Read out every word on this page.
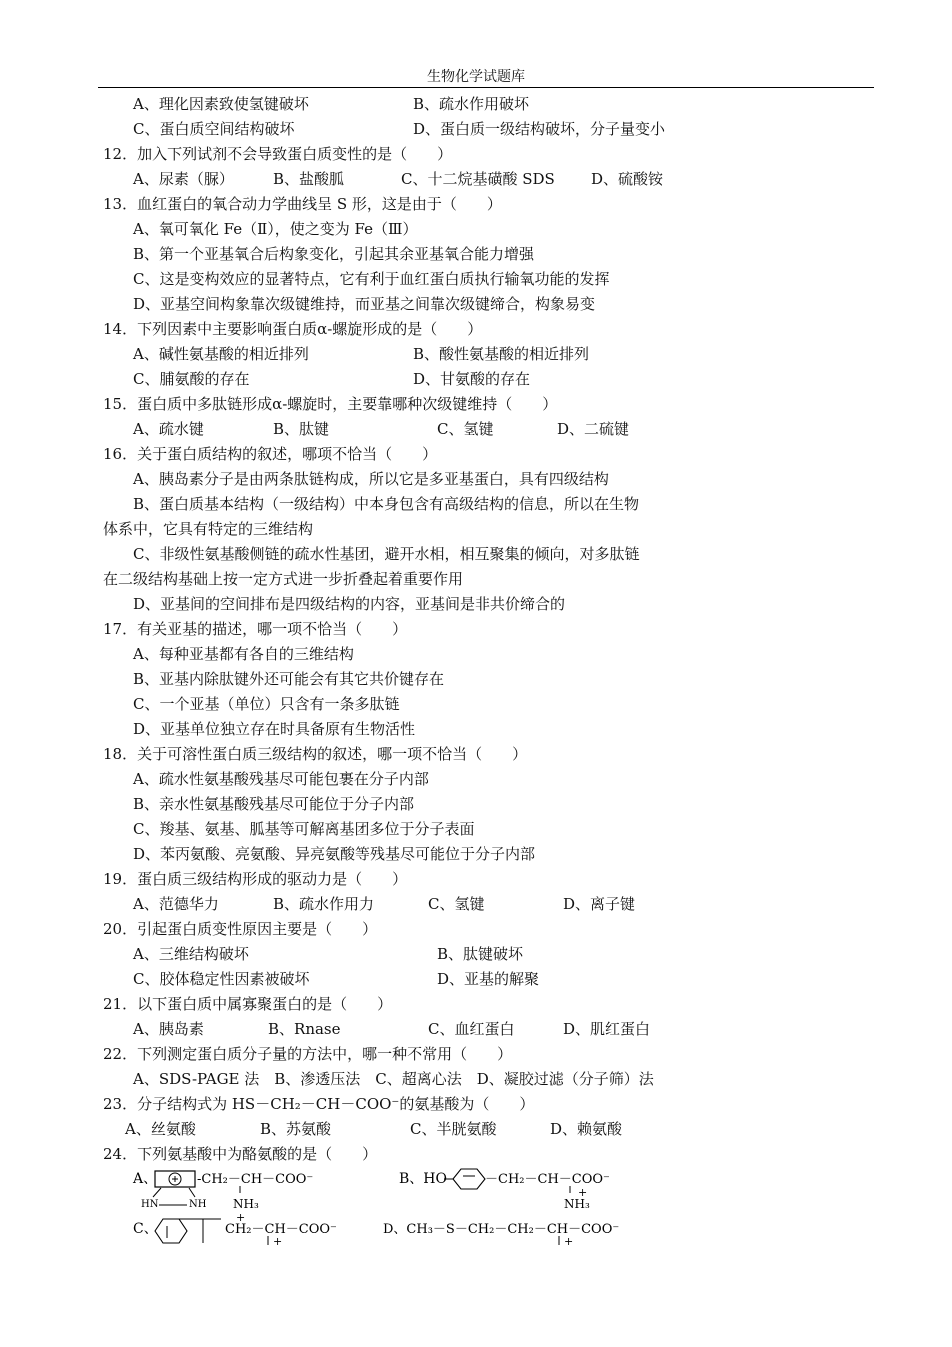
生物化学试题库
A、理化因素致使氢键破坏	B、疏水作用破坏
C、蛋白质空间结构破坏	D、蛋白质一级结构破坏，分子量变小
12．加入下列试剂不会导致蛋白质变性的是（　　）
A、尿素（脲）	B、盐酸胍	C、十二烷基磺酸 SDS	D、硫酸铵
13．血红蛋白的氧合动力学曲线呈 S 形，这是由于（　　）
A、氧可氧化 Fe（Ⅱ），使之变为 Fe（Ⅲ）
B、第一个亚基氧合后构象变化，引起其余亚基氧合能力增强
C、这是变构效应的显著特点，它有利于血红蛋白质执行输氧功能的发挥
D、亚基空间构象靠次级键维持，而亚基之间靠次级键缔合，构象易变
14．下列因素中主要影响蛋白质α-螺旋形成的是（　　）
A、碱性氨基酸的相近排列	B、酸性氨基酸的相近排列
C、脯氨酸的存在	D、甘氨酸的存在
15．蛋白质中多肽链形成α-螺旋时，主要靠哪种次级键维持（　　）
A、疏水键	B、肽键	C、氢键	D、二硫键
16．关于蛋白质结构的叙述，哪项不恰当（　　）
A、胰岛素分子是由两条肽链构成，所以它是多亚基蛋白，具有四级结构
B、蛋白质基本结构（一级结构）中本身包含有高级结构的信息，所以在生物
体系中，它具有特定的三维结构
C、非级性氨基酸侧链的疏水性基团，避开水相，相互聚集的倾向，对多肽链
在二级结构基础上按一定方式进一步折叠起着重要作用
D、亚基间的空间排布是四级结构的内容，亚基间是非共价缔合的
17．有关亚基的描述，哪一项不恰当（　　）
A、每种亚基都有各自的三维结构
B、亚基内除肽键外还可能会有其它共价键存在
C、一个亚基（单位）只含有一条多肽链
D、亚基单位独立存在时具备原有生物活性
18．关于可溶性蛋白质三级结构的叙述，哪一项不恰当（　　）
A、疏水性氨基酸残基尽可能包裹在分子内部
B、亲水性氨基酸残基尽可能位于分子内部
C、羧基、氨基、胍基等可解离基团多位于分子表面
D、苯丙氨酸、亮氨酸、异亮氨酸等残基尽可能位于分子内部
19．蛋白质三级结构形成的驱动力是（　　）
A、范德华力	B、疏水作用力	C、氢键	D、离子键
20．引起蛋白质变性原因主要是（　　）
A、三维结构破坏	B、肽键破坏
C、胶体稳定性因素被破坏	D、亚基的解聚
21．以下蛋白质中属寡聚蛋白的是（　　）
A、胰岛素	B、Rnase	C、血红蛋白	D、肌红蛋白
22．下列测定蛋白质分子量的方法中，哪一种不常用（　　）
A、SDS-PAGE 法　B、渗透压法　C、超离心法　D、凝胶过滤（分子筛）法
23．分子结构式为 HS－CH₂－CH－COO⁻的氨基酸为（　　）
A、丝氨酸	B、苏氨酸	C、半胱氨酸	D、赖氨酸
24．下列氨基酸中为酪氨酸的是（　　）
A、	-CH₂－CH－COO⁻
HN	NH NH₃
+
B、HO	－CH₂－CH－COO⁻
NH₃
+
C、	CH₂－CH－COO⁻
+
D、CH₃－S－CH₂－CH₂－CH－COO⁻
+
